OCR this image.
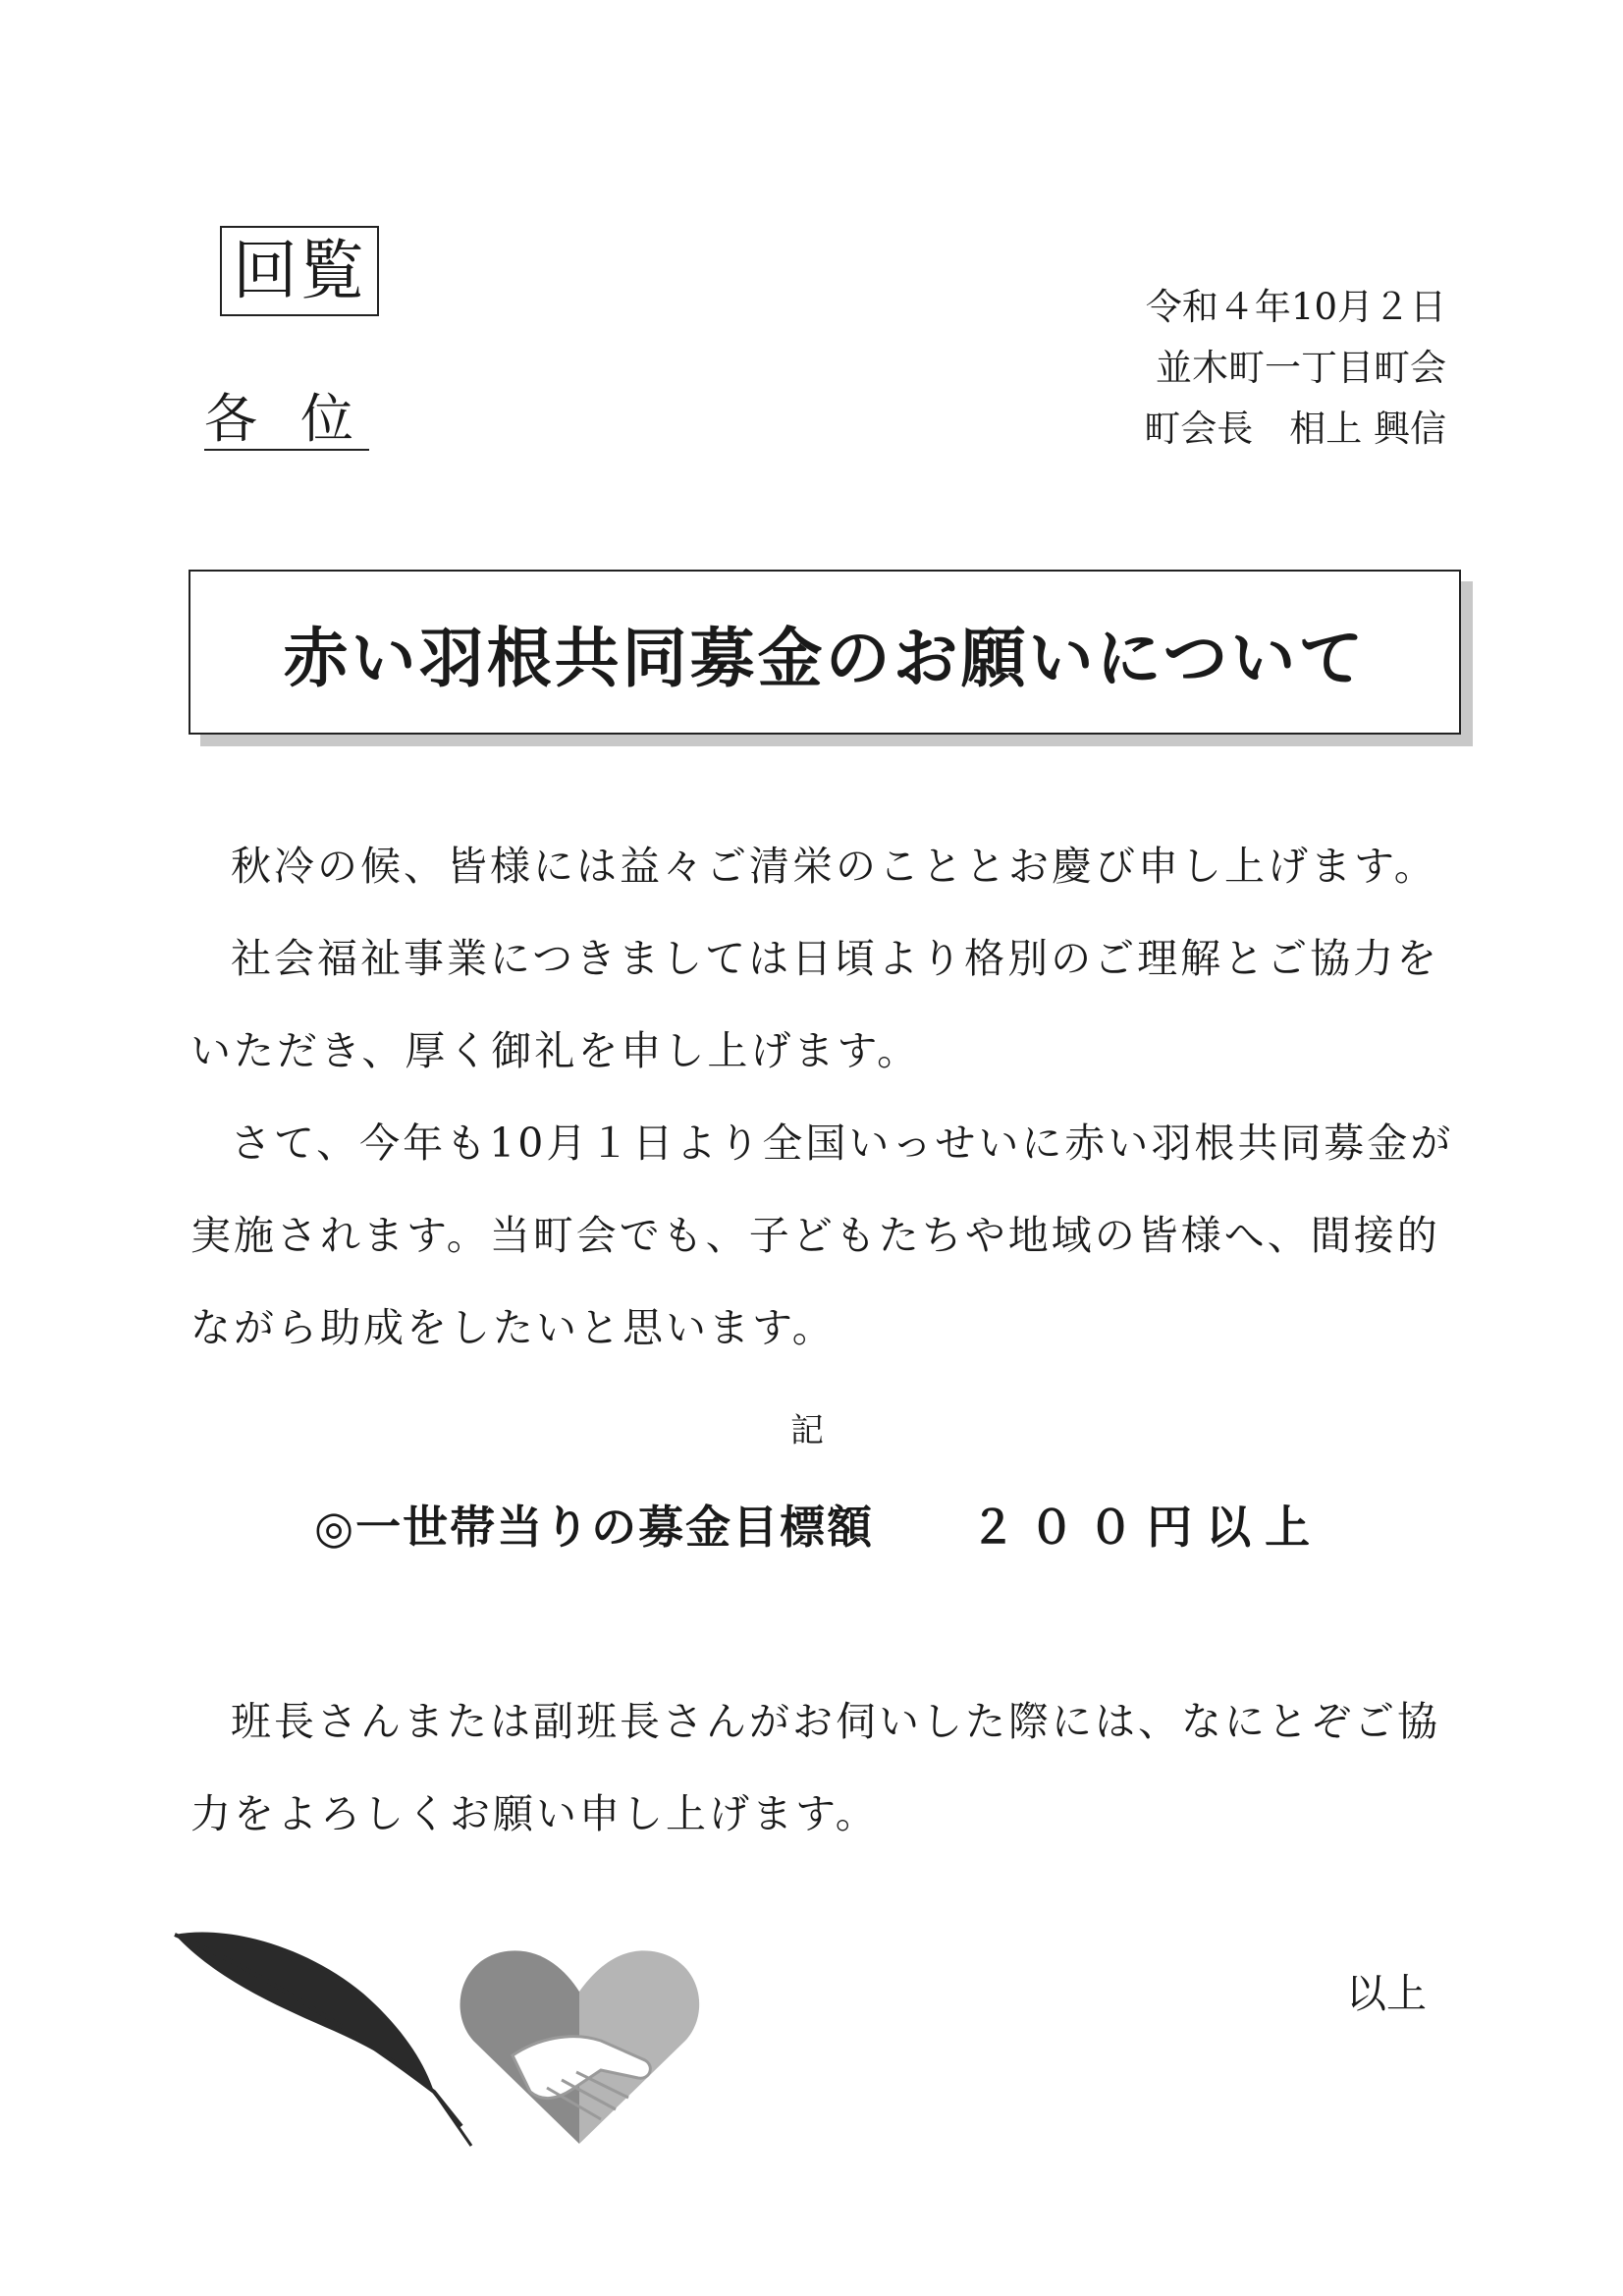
回覧
各位
令和４年10月２日
並木町一丁目町会
町会長　相上 興信
赤い羽根共同募金のお願いについて

秋冷の候、皆様には益々ご清栄のこととお慶び申し上げます。

社会福祉事業につきましては日頃より格別のご理解とご協力をいただき、厚く御礼を申し上げます。

さて、今年も10月１日より全国いっせいに赤い羽根共同募金が実施されます。当町会でも、子どもたちや地域の皆様へ、間接的ながら助成をしたいと思います。

記
◎一世帯当りの募金目標額 ２００円以上

班長さんまたは副班長さんがお伺いした際には、なにとぞご協力をよろしくお願い申し上げます。

以上
